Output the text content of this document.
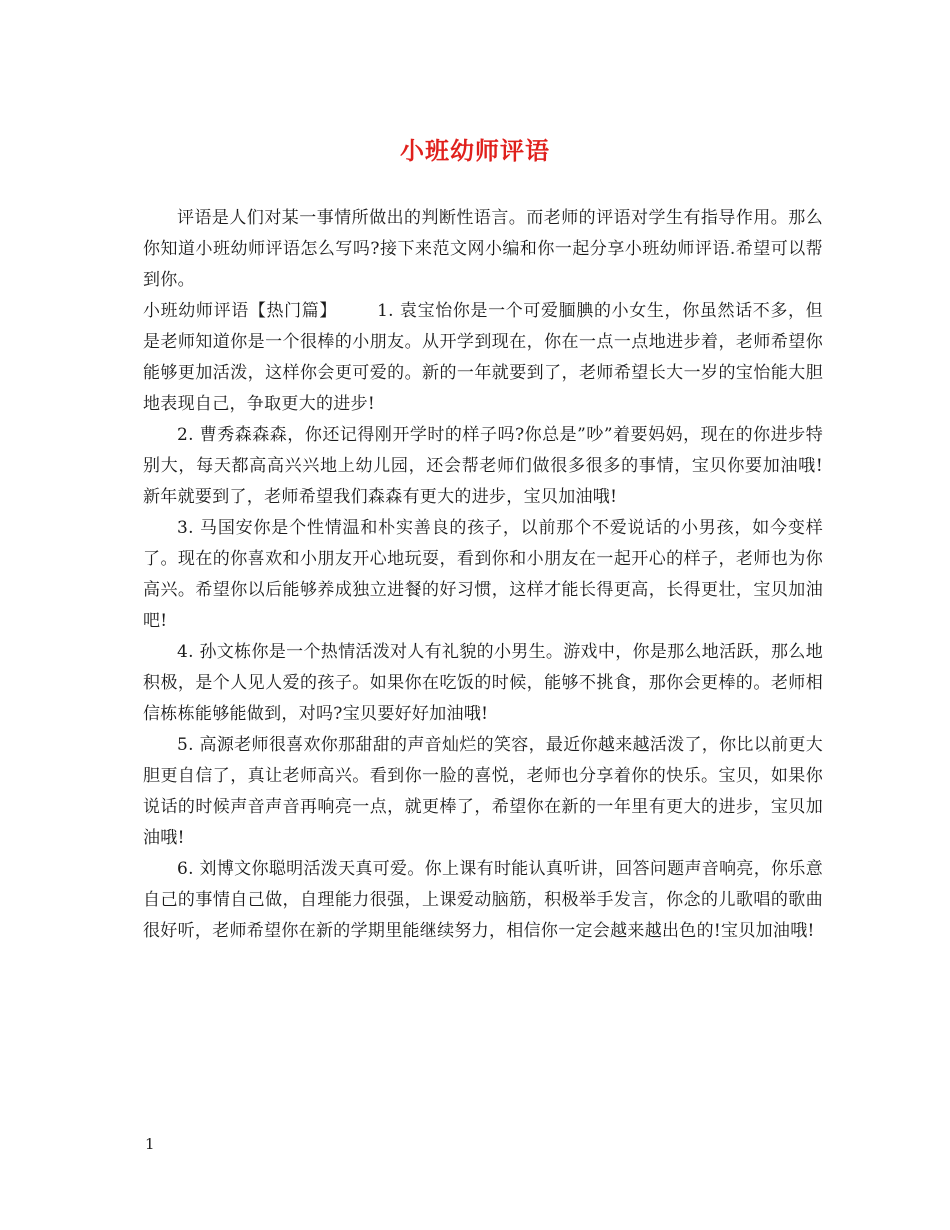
小班幼师评语

评语是人们对某一事情所做出的判断性语言。而老师的评语对学生有指导作用。那么你知道小班幼师评语怎么写吗?接下来范文网小编和你一起分享小班幼师评语.希望可以帮到你。

小班幼师评语【热门篇】 1. 袁宝怡你是一个可爱腼腆的小女生，你虽然话不多，但是老师知道你是一个很棒的小朋友。从开学到现在，你在一点一点地进步着，老师希望你能够更加活泼，这样你会更可爱的。新的一年就要到了，老师希望长大一岁的宝怡能大胆地表现自己，争取更大的进步!

2. 曹秀森森森，你还记得刚开学时的样子吗?你总是”吵”着要妈妈，现在的你进步特别大，每天都高高兴兴地上幼儿园，还会帮老师们做很多很多的事情，宝贝你要加油哦!新年就要到了，老师希望我们森森有更大的进步，宝贝加油哦!

3. 马国安你是个性情温和朴实善良的孩子，以前那个不爱说话的小男孩，如今变样了。现在的你喜欢和小朋友开心地玩耍，看到你和小朋友在一起开心的样子，老师也为你高兴。希望你以后能够养成独立进餐的好习惯，这样才能长得更高，长得更壮，宝贝加油吧!

4. 孙文栋你是一个热情活泼对人有礼貌的小男生。游戏中，你是那么地活跃，那么地积极，是个人见人爱的孩子。如果你在吃饭的时候，能够不挑食，那你会更棒的。老师相信栋栋能够能做到，对吗?宝贝要好好加油哦!

5. 高源老师很喜欢你那甜甜的声音灿烂的笑容，最近你越来越活泼了，你比以前更大胆更自信了，真让老师高兴。看到你一脸的喜悦，老师也分享着你的快乐。宝贝，如果你说话的时候声音声音再响亮一点，就更棒了，希望你在新的一年里有更大的进步，宝贝加油哦!

6. 刘博文你聪明活泼天真可爱。你上课有时能认真听讲，回答问题声音响亮，你乐意自己的事情自己做，自理能力很强，上课爱动脑筋，积极举手发言，你念的儿歌唱的歌曲很好听，老师希望你在新的学期里能继续努力，相信你一定会越来越出色的!宝贝加油哦!

1
